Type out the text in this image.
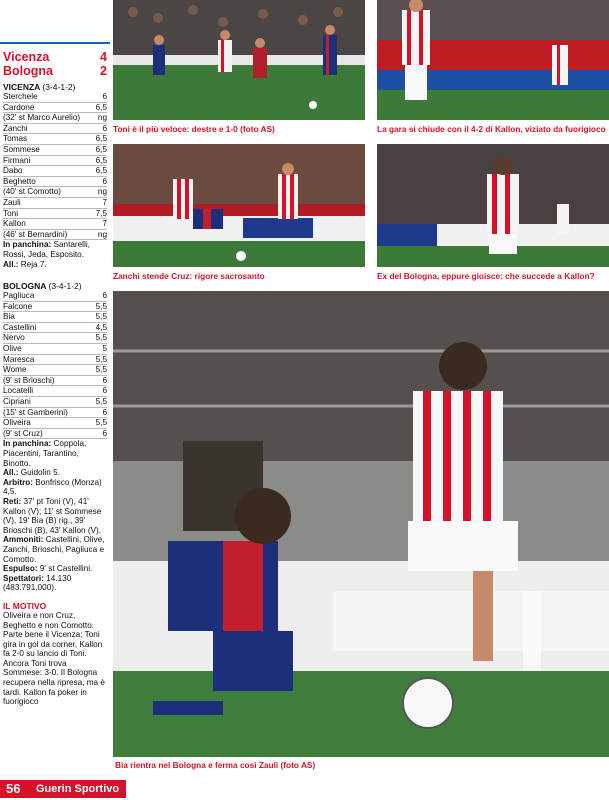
Vicenza	4
Bologna	2
VICENZA (3-4-1-2)
Sterchele	6
Cardone	6,5
(32' st Marco Aurelio) ng
Zanchi	6
Tomas	6,5
Sommese	6,5
Firmani	6,5
Dabo	6,5
Beghetto	6
(40' st Comotto)	ng
Zauli	7
Toni	7,5
Kallon	7
(46' st Bernardini)	ng
In panchina: Santarelli, Rossi, Jeda, Esposito.
All.: Reja 7.
BOLOGNA (3-4-1-2)
Pagliuca	6
Falcone	5,5
Bia	5,5
Castellini	4,5
Nervo	5,5
Olive	5
Maresca	5,5
Wome	5,5
(9' st Brioschi)	6
Locatelli	6
Cipriani	5,5
(15' st Gamberini)	6
Oliveira	5,5
(9' st Cruz)	6
In panchina: Coppola, Piacentini, Tarantino, Binotto.
All.: Guidolin 5.
Arbitro: Bonfrisco (Monza) 4,5.
Reti: 37' pt Toni (V), 41' Kallon (V); 11' st Sommese (V), 19' Bia (B) rig., 39' Brioschi (B), 43' Kallon (V).
Ammoniti: Castellini, Olive, Zanchi, Brioschi, Pagliuca e Comotto.
Espulso: 9' st Castellini.
Spettatori: 14.130 (483.791.000).
IL MOTIVO
Oliveira e non Cruz, Beghetto e non Comotto. Parte bene il Vicenza: Toni gira in gol da corner, Kallon fa 2-0 su lancio di Toni. Ancora Toni trova Sommese: 3-0. Il Bologna recupera nella ripresa, ma è tardi. Kallon fa poker in fuorigioco
Toni è il più veloce: destre e 1-0 (foto AS)	La gara si chiude con il 4-2 di Kallon, viziato da fuorigioco
Zanchi stende Cruz: rigore sacrosanto	Ex del Bologna, eppure gioisce: che succede a Kallon?
Bia rientra nel Bologna e ferma così Zauli (foto AS)
56 Guerin Sportivo
